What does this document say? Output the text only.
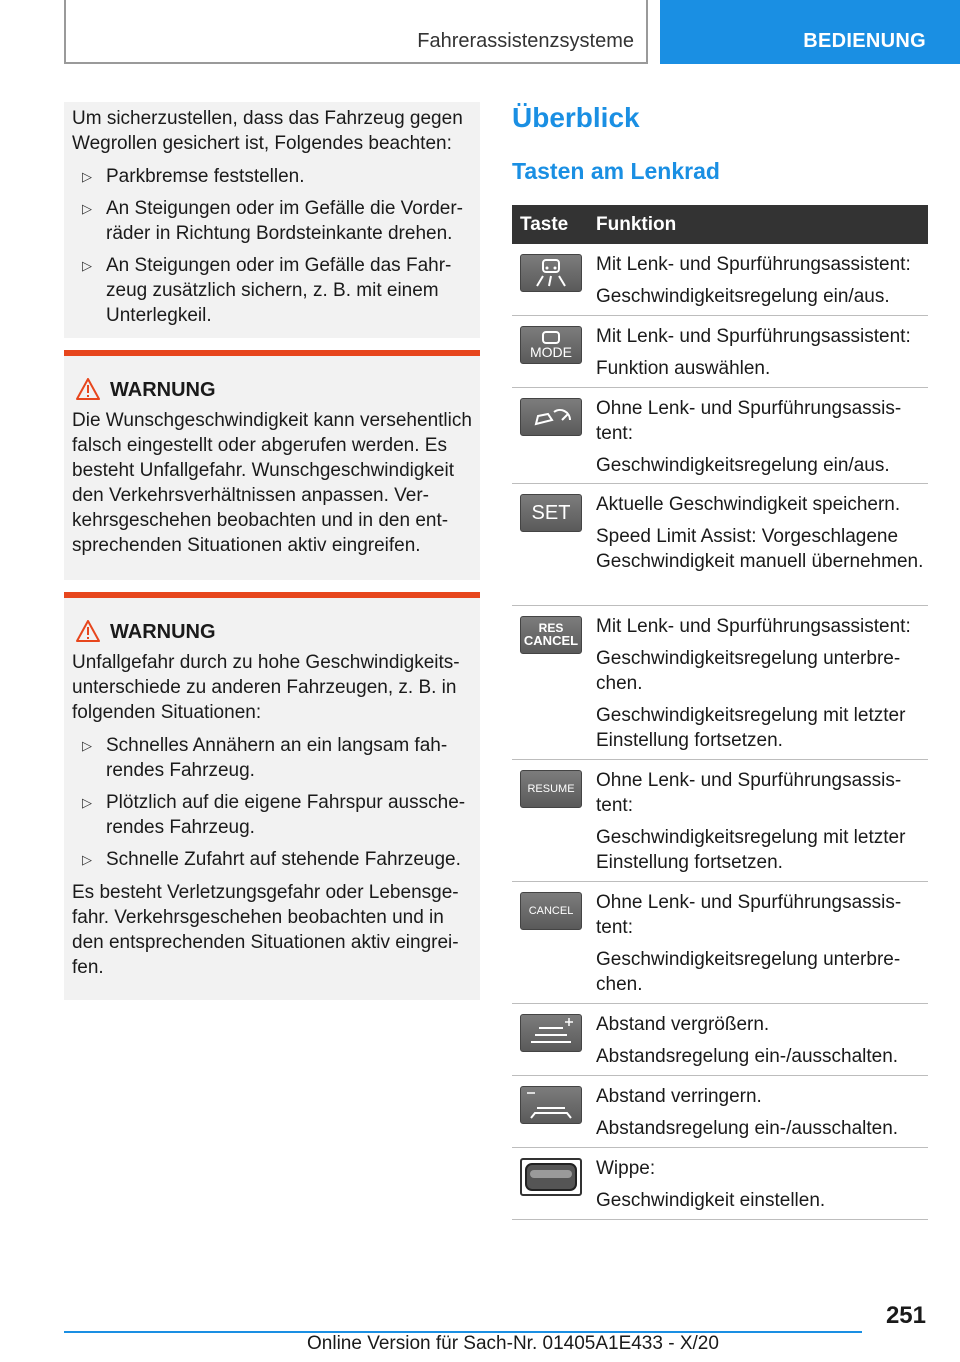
Fahrerassistenzsysteme	BEDIENUNG

Um sicherzustellen, dass das Fahrzeug gegen Wegrollen gesichert ist, Folgendes beachten:

▷ Parkbremse feststellen.
▷ An Steigungen oder im Gefälle die Vorderräder in Richtung Bordsteinkante drehen.
▷ An Steigungen oder im Gefälle das Fahrzeug zusätzlich sichern, z. B. mit einem Unterlegkeil.

WARNUNG

Die Wunschgeschwindigkeit kann versehentlich falsch eingestellt oder abgerufen werden. Es besteht Unfallgefahr. Wunschgeschwindigkeit den Verkehrsverhältnissen anpassen. Verkehrsgeschehen beobachten und in den entsprechenden Situationen aktiv eingreifen.

WARNUNG

Unfallgefahr durch zu hohe Geschwindigkeitsunterschiede zu anderen Fahrzeugen, z. B. in folgenden Situationen:

▷ Schnelles Annähern an ein langsam fahrendes Fahrzeug.
▷ Plötzlich auf die eigene Fahrspur ausschеrendes Fahrzeug.
▷ Schnelle Zufahrt auf stehende Fahrzeuge.

Es besteht Verletzungsgefahr oder Lebensgefahr. Verkehrsgeschehen beobachten und in den entsprechenden Situationen aktiv eingreifen.

Überblick
Tasten am Lenkrad
Taste Funktion

Mit Lenk- und Spurführungsassistent:

Geschwindigkeitsregelung ein/aus.

MODE

Mit Lenk- und Spurführungsassistent:

Funktion auswählen.

Ohne Lenk- und Spurführungsassistent:

Geschwindigkeitsregelung ein/aus.

SET Aktuelle Geschwindigkeit speichern.

Speed Limit Assist: Vorgeschlagene Geschwindigkeit manuell übernehmen.

RES
CANCEL

Mit Lenk- und Spurführungsassistent:

Geschwindigkeitsregelung unterbrechen.

Geschwindigkeitsregelung mit letzter Einstellung fortsetzen.

RESUME Ohne Lenk- und Spurführungsassistent:

Geschwindigkeitsregelung mit letzter Einstellung fortsetzen.

CANCEL Ohne Lenk- und Spurführungsassistent:

Geschwindigkeitsregelung unterbrechen.

Abstand vergrößern.

Abstandsregelung ein-/ausschalten.

Abstand verringern.

Abstandsregelung ein-/ausschalten.

Wippe:

Geschwindigkeit einstellen.

251
Online Version für Sach-Nr. 01405A1E433 - X/20
